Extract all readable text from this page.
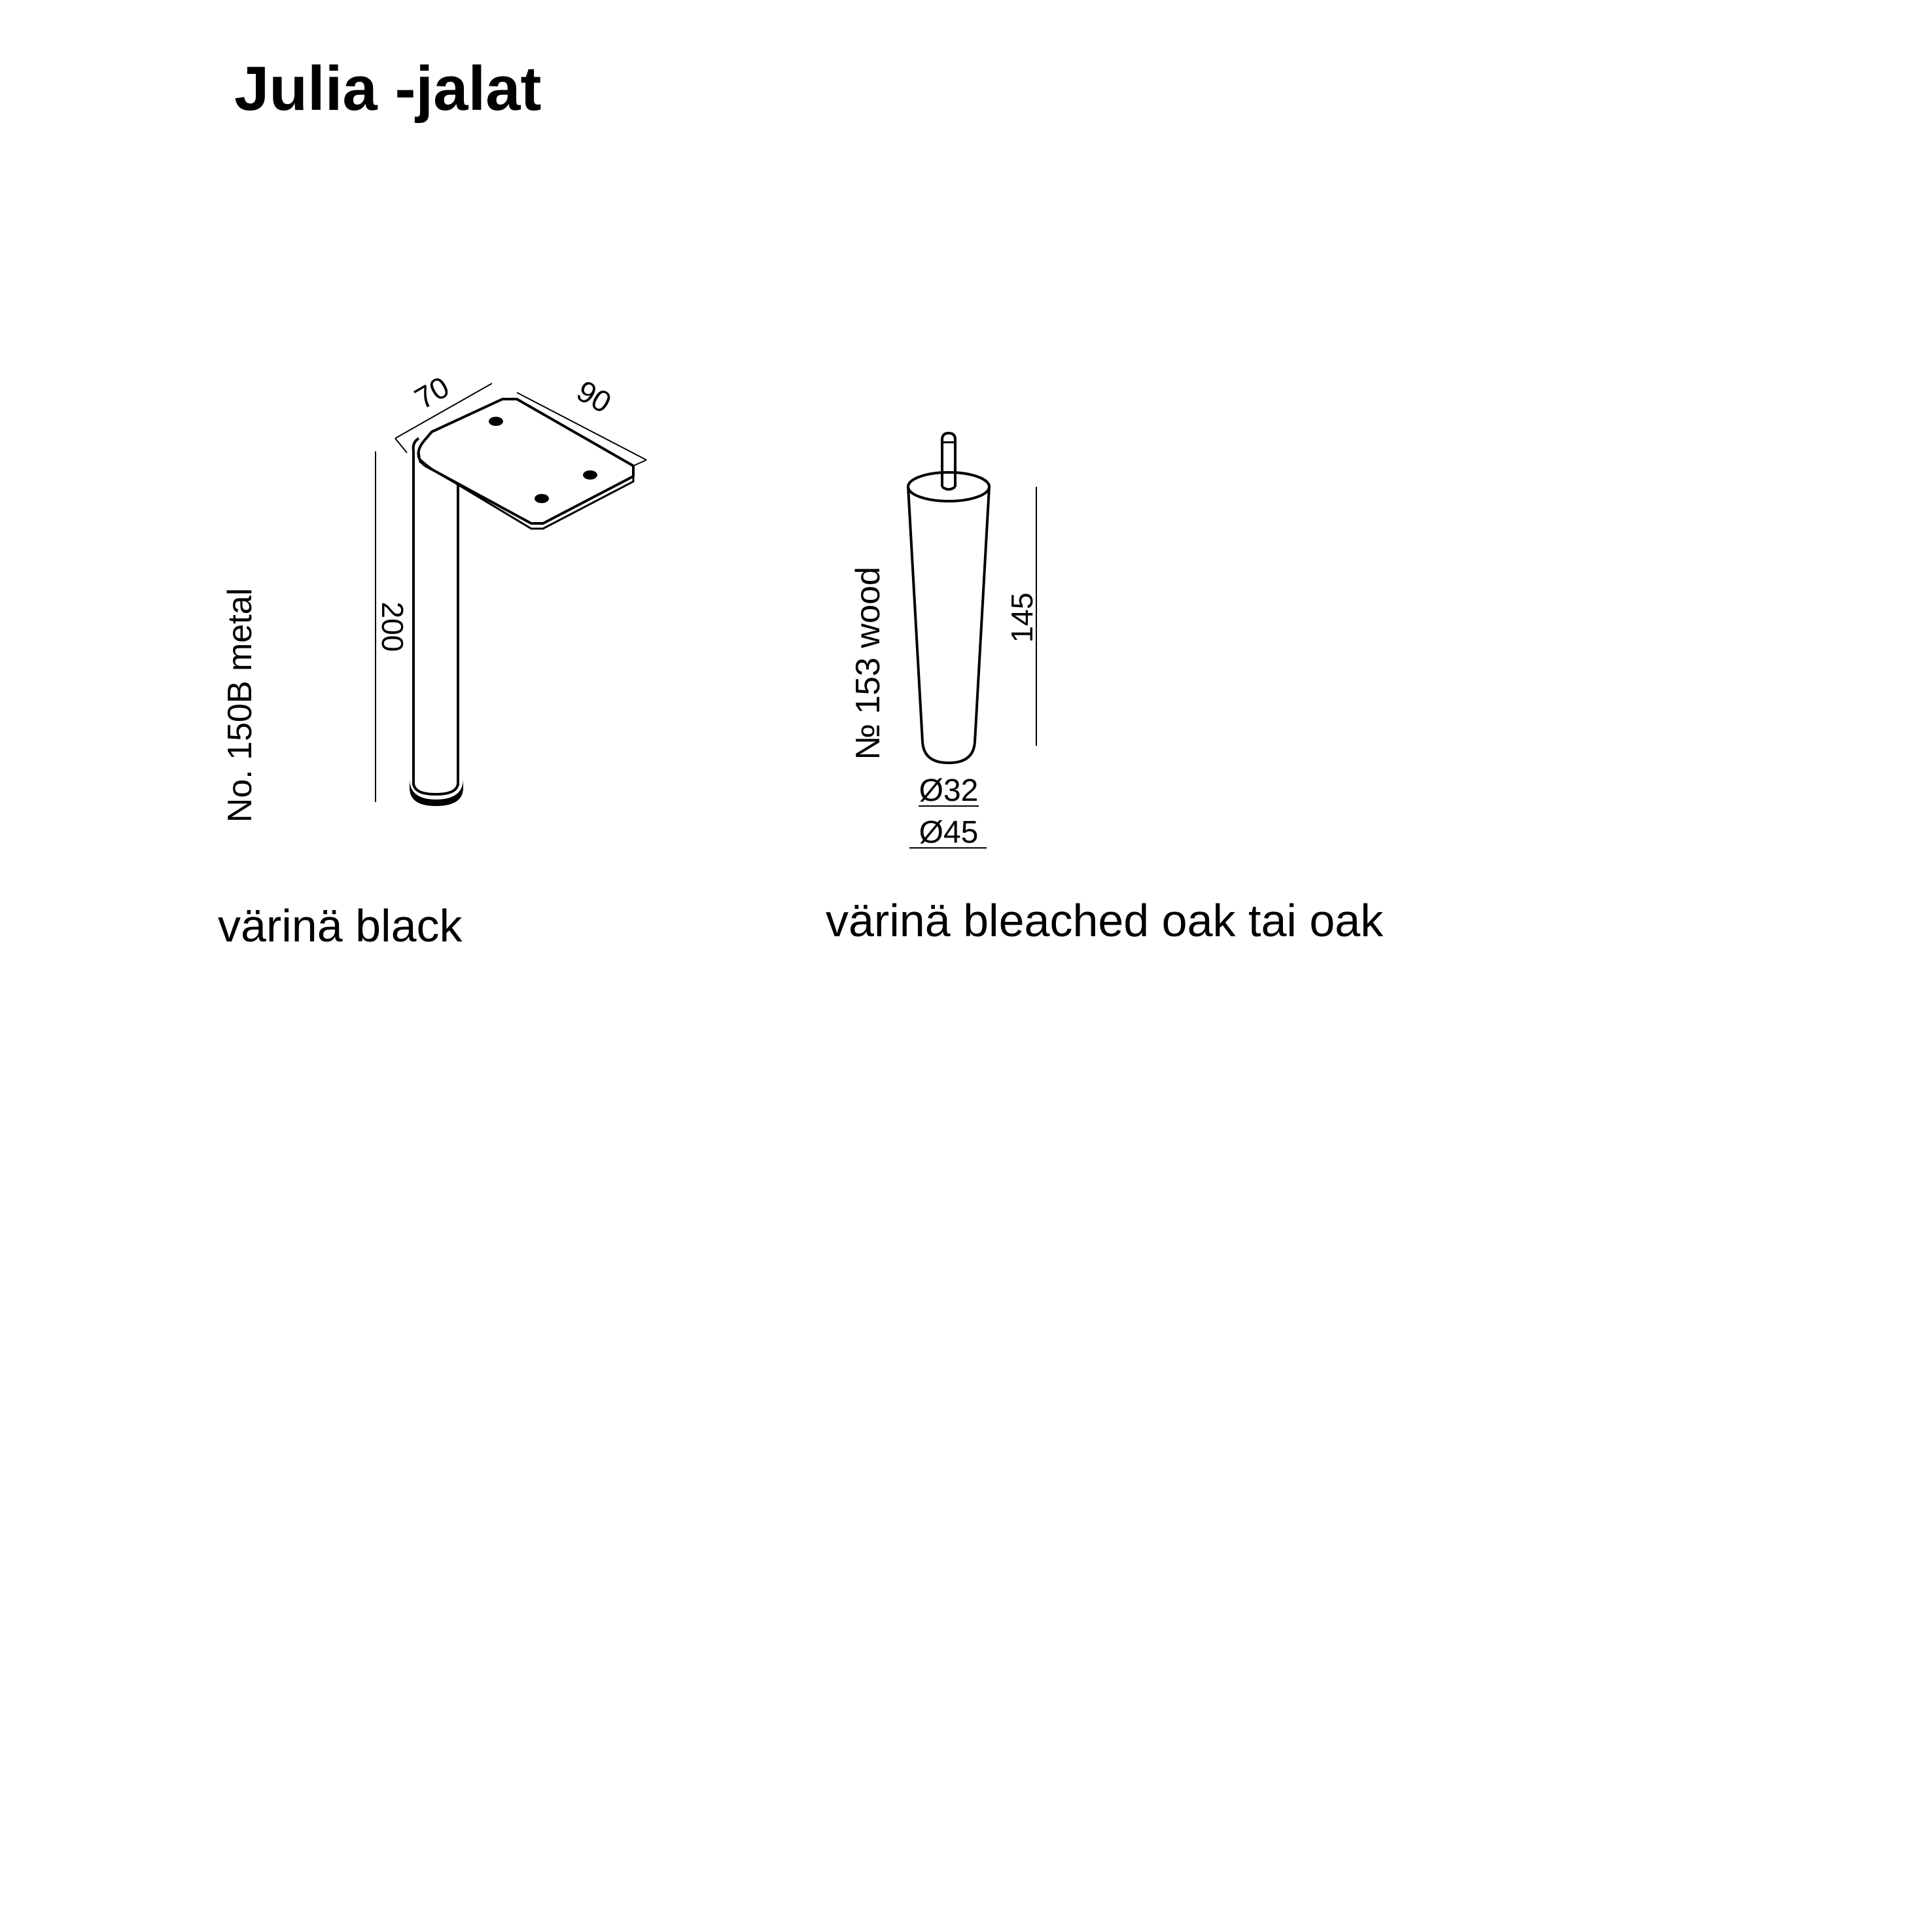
Julia -jalat
70	90
200
No. 150B metal	145
Ø32
Ø45
№ 153 wood
värinä black	värinä bleached oak tai oak
